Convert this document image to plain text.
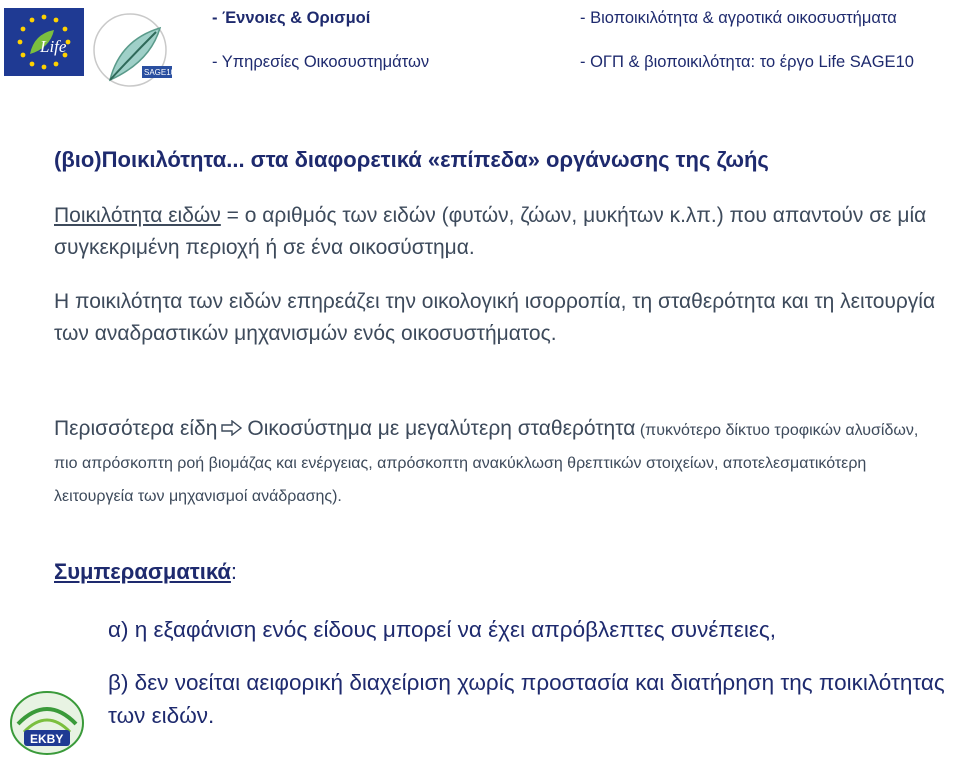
Life
SAGE10
- Έννοιες & Ορισμοί
- Υπηρεσίες Οικοσυστημάτων
- Βιοποικιλότητα & αγροτικά οικοσυστήματα
- ΟΓΠ & βιοποικιλότητα: το έργο Life SAGE10
(βιο)Ποικιλότητα... στα διαφορετικά «επίπεδα» οργάνωσης της ζωής
Ποικιλότητα ειδών = ο αριθμός των ειδών (φυτών, ζώων, μυκήτων κ.λπ.) που απαντούν σε μία συγκεκριμένη περιοχή ή σε ένα οικοσύστημα.
Η ποικιλότητα των ειδών επηρεάζει την οικολογική ισορροπία, τη σταθερότητα και τη λειτουργία των αναδραστικών μηχανισμών ενός οικοσυστήματος.
Περισσότερα είδη Οικοσύστημα με μεγαλύτερη σταθερότητα (πυκνότερο δίκτυο τροφικών αλυσίδων, πιο απρόσκοπτη ροή βιομάζας και ενέργειας, απρόσκοπτη ανακύκλωση θρεπτικών στοιχείων, αποτελεσματικότερη λειτουργεία των μηχανισμοί ανάδρασης).
Συμπερασματικά:
α) η εξαφάνιση ενός είδους μπορεί να έχει απρόβλεπτες συνέπειες,
β) δεν νοείται αειφορική διαχείριση χωρίς προστασία και διατήρηση της ποικιλότητας των ειδών.
ΕΚΒΥ
